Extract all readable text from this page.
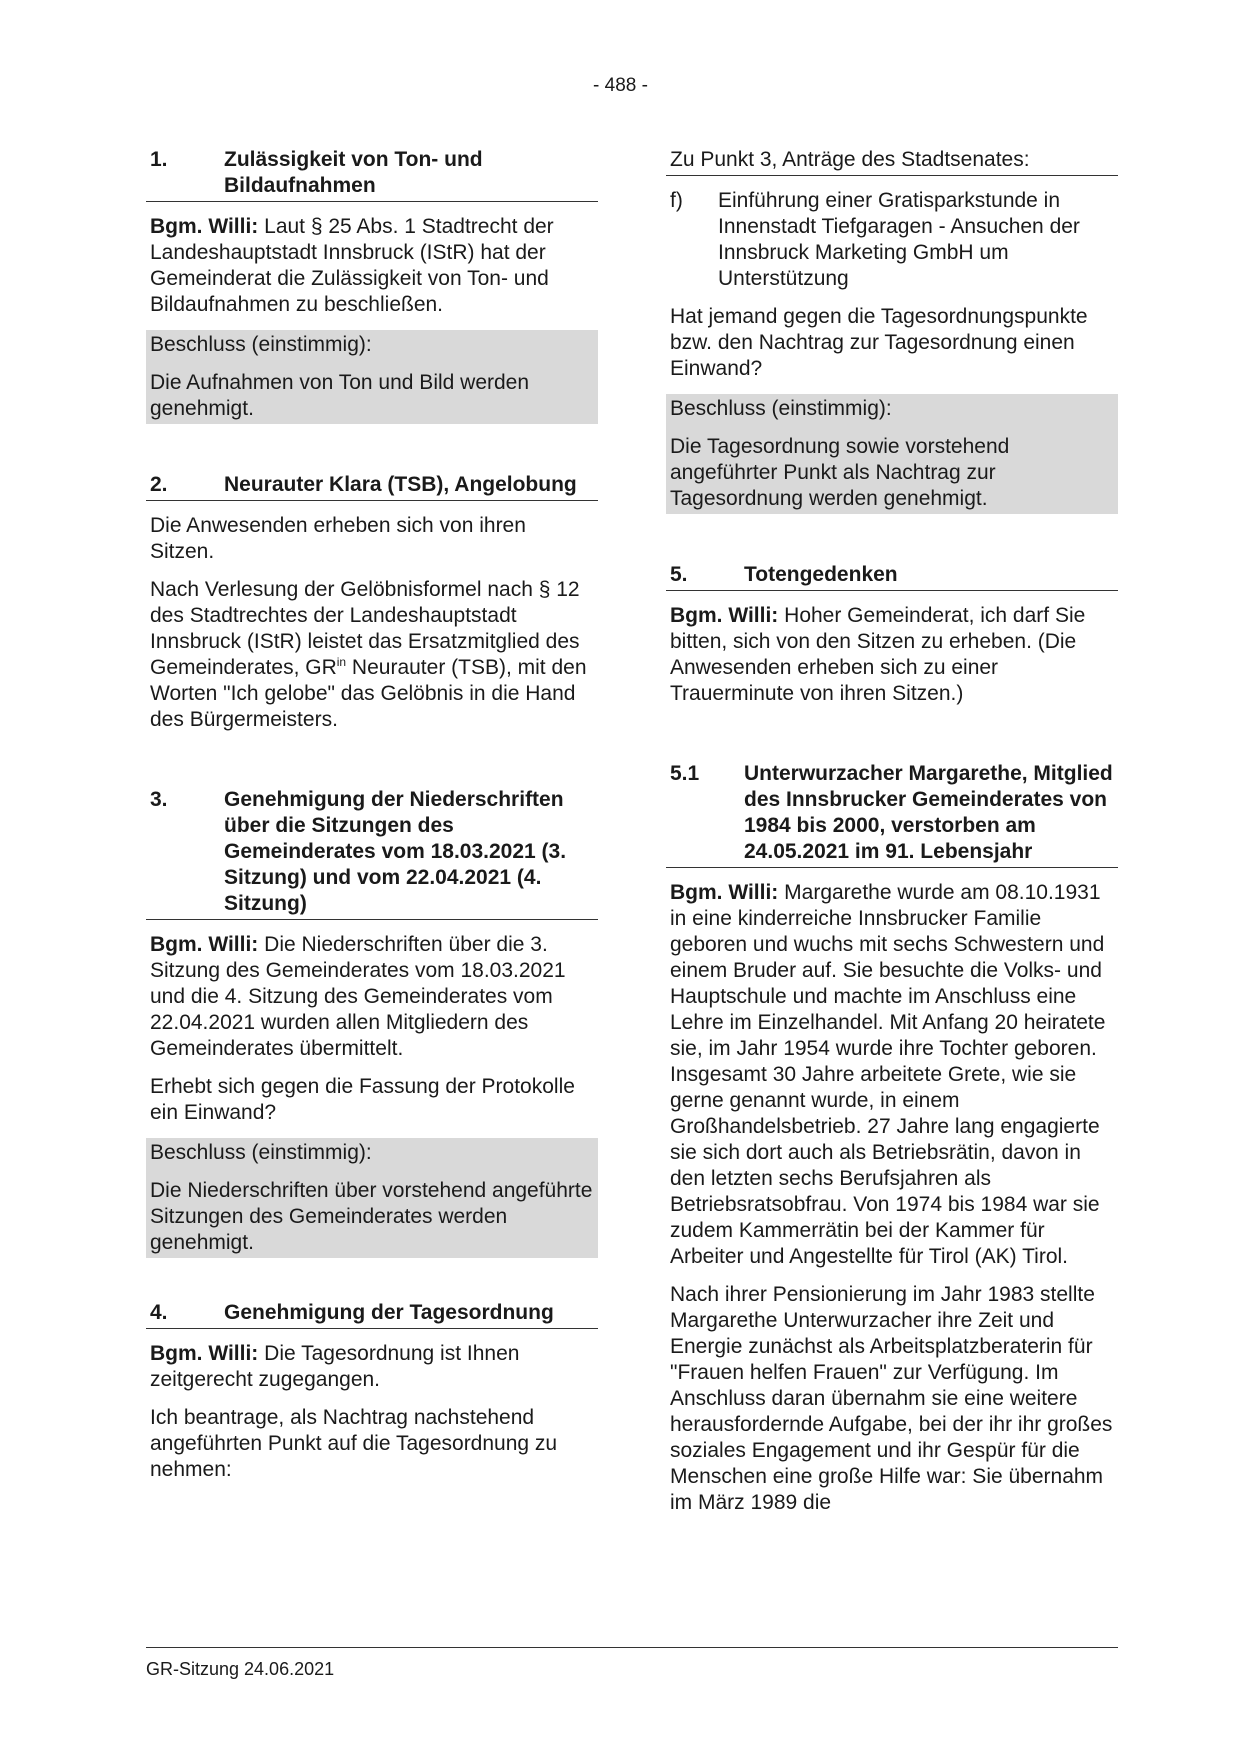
- 488 -
1.	Zulässigkeit von Ton- und Bildaufnahmen

Bgm. Willi: Laut § 25 Abs. 1 Stadtrecht der Landeshauptstadt Innsbruck (IStR) hat der Gemeinderat die Zulässigkeit von Ton- und Bildaufnahmen zu beschließen.

Beschluss (einstimmig):
Die Aufnahmen von Ton und Bild werden genehmigt.
2.	Neurauter Klara (TSB), Angelobung

Die Anwesenden erheben sich von ihren Sitzen.

Nach Verlesung der Gelöbnisformel nach § 12 des Stadtrechtes der Landeshauptstadt Innsbruck (IStR) leistet das Ersatzmitglied des Gemeinderates, $GR^{in}$ Neurauter (TSB), mit den Worten "Ich gelobe" das Gelöbnis in die Hand des Bürgermeisters.

3.	Genehmigung der Niederschriften über die Sitzungen des Gemeinderates vom 18.03.2021 (3. Sitzung) und vom 22.04.2021 (4. Sitzung)

Bgm. Willi: Die Niederschriften über die 3. Sitzung des Gemeinderates vom 18.03.2021 und die 4. Sitzung des Gemeinderates vom 22.04.2021 wurden allen Mitgliedern des Gemeinderates übermittelt.

Erhebt sich gegen die Fassung der Protokolle ein Einwand?

Beschluss (einstimmig):
Die Niederschriften über vorstehend angeführte Sitzungen des Gemeinderates werden genehmigt.
4.	Genehmigung der Tagesordnung

Bgm. Willi: Die Tagesordnung ist Ihnen zeitgerecht zugegangen.

Ich beantrage, als Nachtrag nachstehend angeführten Punkt auf die Tagesordnung zu nehmen:

Zu Punkt 3, Anträge des Stadtsenates:
f)	Einführung einer Gratisparkstunde in Innenstadt Tiefgaragen - Ansuchen der Innsbruck Marketing GmbH um Unterstützung

Hat jemand gegen die Tagesordnungspunkte bzw. den Nachtrag zur Tagesordnung einen Einwand?

Beschluss (einstimmig):
Die Tagesordnung sowie vorstehend angeführter Punkt als Nachtrag zur Tagesordnung werden genehmigt.
5.	Totengedenken

Bgm. Willi: Hoher Gemeinderat, ich darf Sie bitten, sich von den Sitzen zu erheben. (Die Anwesenden erheben sich zu einer Trauerminute von ihren Sitzen.)

5.1	Unterwurzacher Margarethe, Mitglied des Innsbrucker Gemeinderates von 1984 bis 2000, verstorben am 24.05.2021 im 91. Lebensjahr

Bgm. Willi: Margarethe wurde am 08.10.1931 in eine kinderreiche Innsbrucker Familie geboren und wuchs mit sechs Schwestern und einem Bruder auf. Sie besuchte die Volks- und Hauptschule und machte im Anschluss eine Lehre im Einzelhandel. Mit Anfang 20 heiratete sie, im Jahr 1954 wurde ihre Tochter geboren. Insgesamt 30 Jahre arbeitete Grete, wie sie gerne genannt wurde, in einem Großhandelsbetrieb. 27 Jahre lang engagierte sie sich dort auch als Betriebsrätin, davon in den letzten sechs Berufsjahren als Betriebsratsobfrau. Von 1974 bis 1984 war sie zudem Kammerrätin bei der Kammer für Arbeiter und Angestellte für Tirol (AK) Tirol.

Nach ihrer Pensionierung im Jahr 1983 stellte Margarethe Unterwurzacher ihre Zeit und Energie zunächst als Arbeitsplatzberaterin für "Frauen helfen Frauen" zur Verfügung. Im Anschluss daran übernahm sie eine weitere herausfordernde Aufgabe, bei der ihr ihr großes soziales Engagement und ihr Gespür für die Menschen eine große Hilfe war: Sie übernahm im März 1989 die

GR-Sitzung 24.06.2021
